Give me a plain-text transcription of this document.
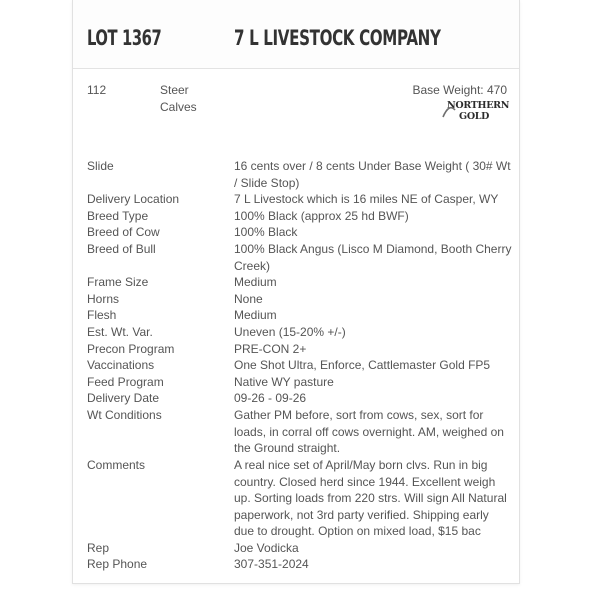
LOT 1367	7 L LIVESTOCK COMPANY
112	Steer Calves
Base Weight: 470
NORTHERN
GOLD
Slide	16 cents over / 8 cents Under Base Weight ( 30# Wt / Slide Stop)
Delivery Location	7 L Livestock which is 16 miles NE of Casper, WY
Breed Type	100% Black (approx 25 hd BWF)
Breed of Cow	100% Black
Breed of Bull	100% Black Angus (Lisco M Diamond, Booth Cherry Creek)
Frame Size	Medium
Horns	None
Flesh	Medium
Est. Wt. Var.	Uneven (15-20% +/-)
Precon Program	PRE-CON 2+
Vaccinations	One Shot Ultra, Enforce, Cattlemaster Gold FP5
Feed Program	Native WY pasture
Delivery Date	09-26 - 09-26
Wt Conditions	Gather PM before, sort from cows, sex, sort for loads, in corral off cows overnight. AM, weighed on the Ground straight.
Comments	A real nice set of April/May born clvs. Run in big country. Closed herd since 1944. Excellent weigh up. Sorting loads from 220 strs. Will sign All Natural paperwork, not 3rd party verified. Shipping early due to drought. Option on mixed load, $15 bac
Rep	Joe Vodicka
Rep Phone	307-351-2024
